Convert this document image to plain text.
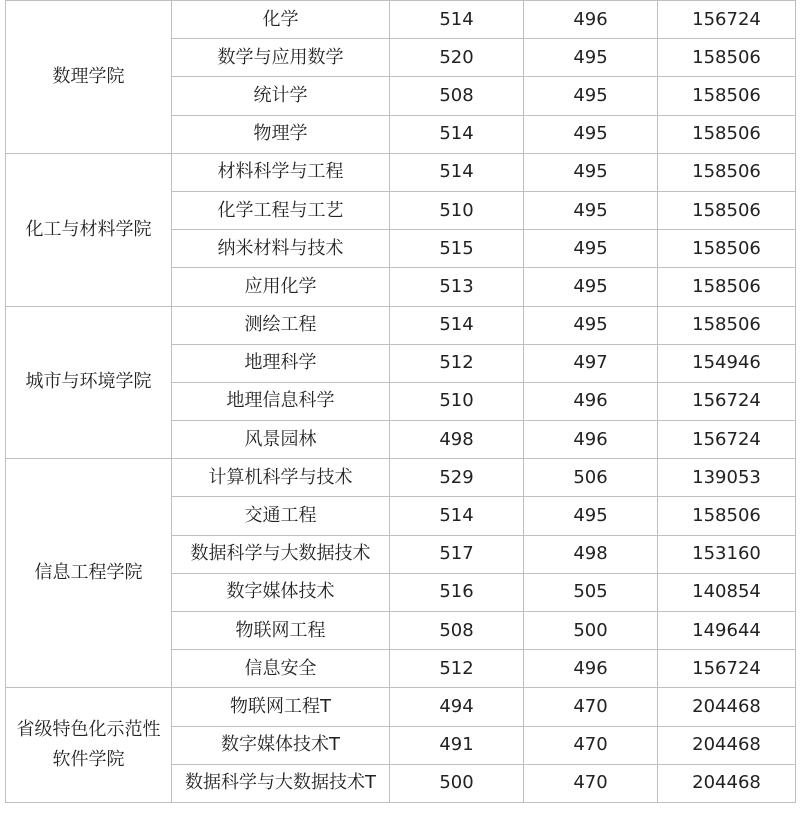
数理学院	化学	514	496	156724
	数学与应用数学	520	495	158506
	统计学	508	495	158506
	物理学	514	495	158506
化工与材料学院	材料科学与工程	514	495	158506
	化学工程与工艺	510	495	158506
	纳米材料与技术	515	495	158506
	应用化学	513	495	158506
城市与环境学院	测绘工程	514	495	158506
	地理科学	512	497	154946
	地理信息科学	510	496	156724
	风景园林	498	496	156724
信息工程学院	计算机科学与技术	529	506	139053
	交通工程	514	495	158506
	数据科学与大数据技术	517	498	153160
	数字媒体技术	516	505	140854
	物联网工程	508	500	149644
	信息安全	512	496	156724

省级特色化示范性
软件学院	物联网工程T	494	470	204468
	数字媒体技术T	491	470	204468
	数据科学与大数据技术T	500	470	204468
